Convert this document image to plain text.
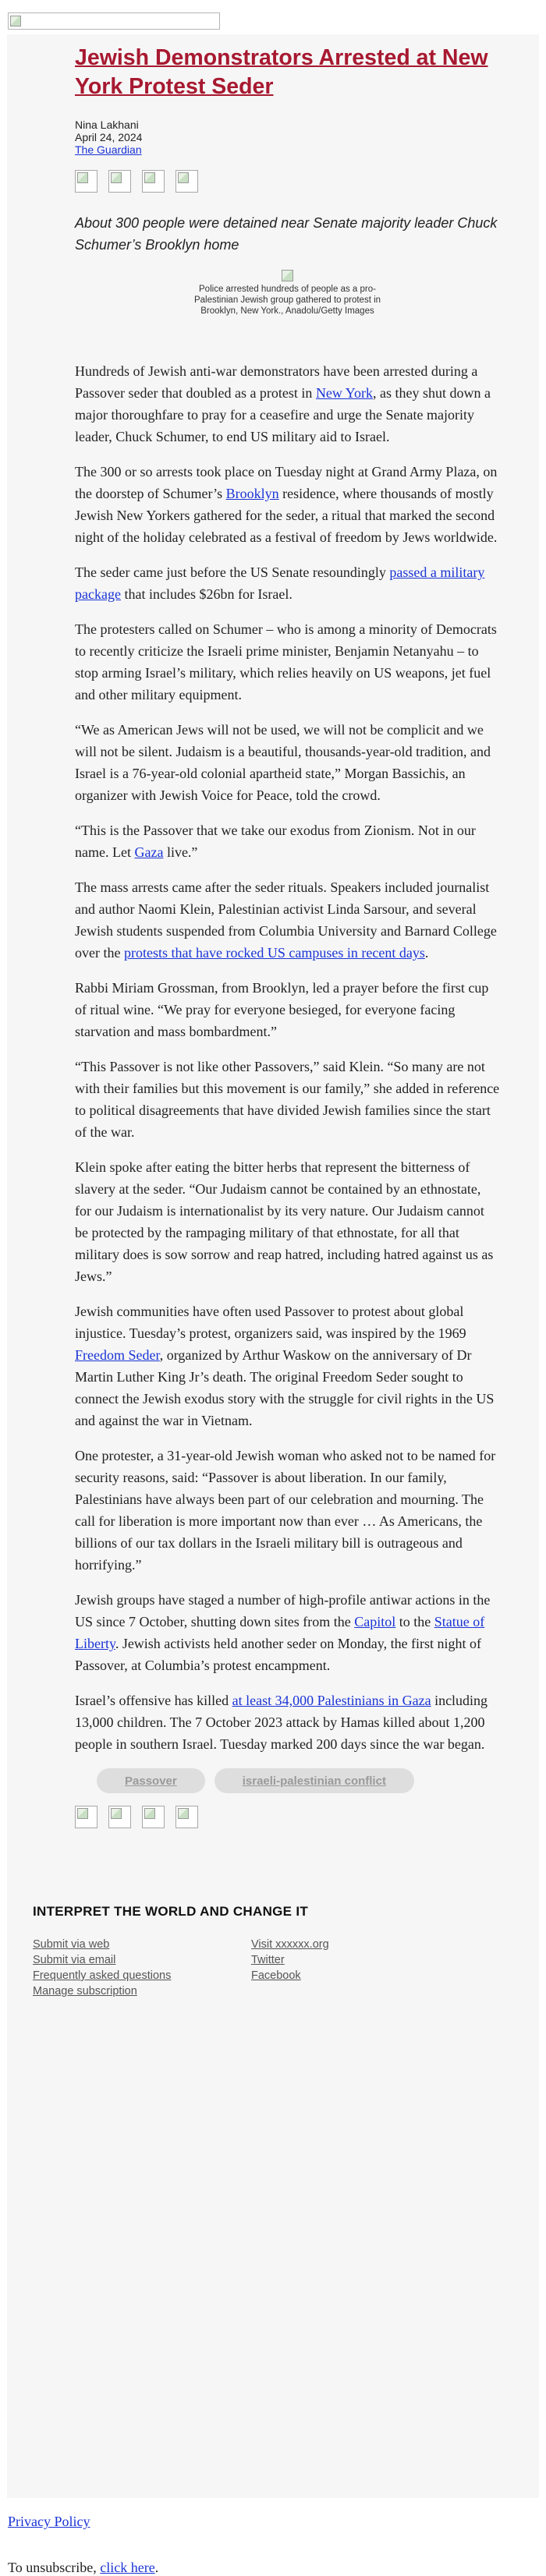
Jewish Demonstrators Arrested at New York Protest Seder
Nina Lakhani
April 24, 2024
The Guardian

About 300 people were detained near Senate majority leader Chuck Schumer’s Brooklyn home

Police arrested hundreds of people as a pro-Palestinian Jewish group gathered to protest in Brooklyn, New York., Anadolu/Getty Images

Hundreds of Jewish anti-war demonstrators have been arrested during a Passover seder that doubled as a protest in New York, as they shut down a major thoroughfare to pray for a ceasefire and urge the Senate majority leader, Chuck Schumer, to end US military aid to Israel.

The 300 or so arrests took place on Tuesday night at Grand Army Plaza, on the doorstep of Schumer’s Brooklyn residence, where thousands of mostly Jewish New Yorkers gathered for the seder, a ritual that marked the second night of the holiday celebrated as a festival of freedom by Jews worldwide.

The seder came just before the US Senate resoundingly passed a military package that includes $26bn for Israel.

The protesters called on Schumer – who is among a minority of Democrats to recently criticize the Israeli prime minister, Benjamin Netanyahu – to stop arming Israel’s military, which relies heavily on US weapons, jet fuel and other military equipment.

“We as American Jews will not be used, we will not be complicit and we will not be silent. Judaism is a beautiful, thousands-year-old tradition, and Israel is a 76-year-old colonial apartheid state,” Morgan Bassichis, an organizer with Jewish Voice for Peace, told the crowd.

“This is the Passover that we take our exodus from Zionism. Not in our name. Let Gaza live.”

The mass arrests came after the seder rituals. Speakers included journalist and author Naomi Klein, Palestinian activist Linda Sarsour, and several Jewish students suspended from Columbia University and Barnard College over the protests that have rocked US campuses in recent days.

Rabbi Miriam Grossman, from Brooklyn, led a prayer before the first cup of ritual wine. “We pray for everyone besieged, for everyone facing starvation and mass bombardment.”

“This Passover is not like other Passovers,” said Klein. “So many are not with their families but this movement is our family,” she added in reference to political disagreements that have divided Jewish families since the start of the war.

Klein spoke after eating the bitter herbs that represent the bitterness of slavery at the seder. “Our Judaism cannot be contained by an ethnostate, for our Judaism is internationalist by its very nature. Our Judaism cannot be protected by the rampaging military of that ethnostate, for all that military does is sow sorrow and reap hatred, including hatred against us as Jews.”

Jewish communities have often used Passover to protest about global injustice. Tuesday’s protest, organizers said, was inspired by the 1969 Freedom Seder, organized by Arthur Waskow on the anniversary of Dr Martin Luther King Jr’s death. The original Freedom Seder sought to connect the Jewish exodus story with the struggle for civil rights in the US and against the war in Vietnam.

One protester, a 31-year-old Jewish woman who asked not to be named for security reasons, said: “Passover is about liberation. In our family, Palestinians have always been part of our celebration and mourning. The call for liberation is more important now than ever … As Americans, the billions of our tax dollars in the Israeli military bill is outrageous and horrifying.”

Jewish groups have staged a number of high-profile antiwar actions in the US since 7 October, shutting down sites from the Capitol to the Statue of Liberty. Jewish activists held another seder on Monday, the first night of Passover, at Columbia’s protest encampment.

Israel’s offensive has killed at least 34,000 Palestinians in Gaza including 13,000 children. The 7 October 2023 attack by Hamas killed about 1,200 people in southern Israel. Tuesday marked 200 days since the war began.

Passover	israeli-palestinian conflict
INTERPRET THE WORLD AND CHANGE IT
Submit via web
Submit via email
Frequently asked questions
Manage subscription
Visit xxxxxx.org
Twitter
Facebook
Privacy Policy
To unsubscribe, click here.
